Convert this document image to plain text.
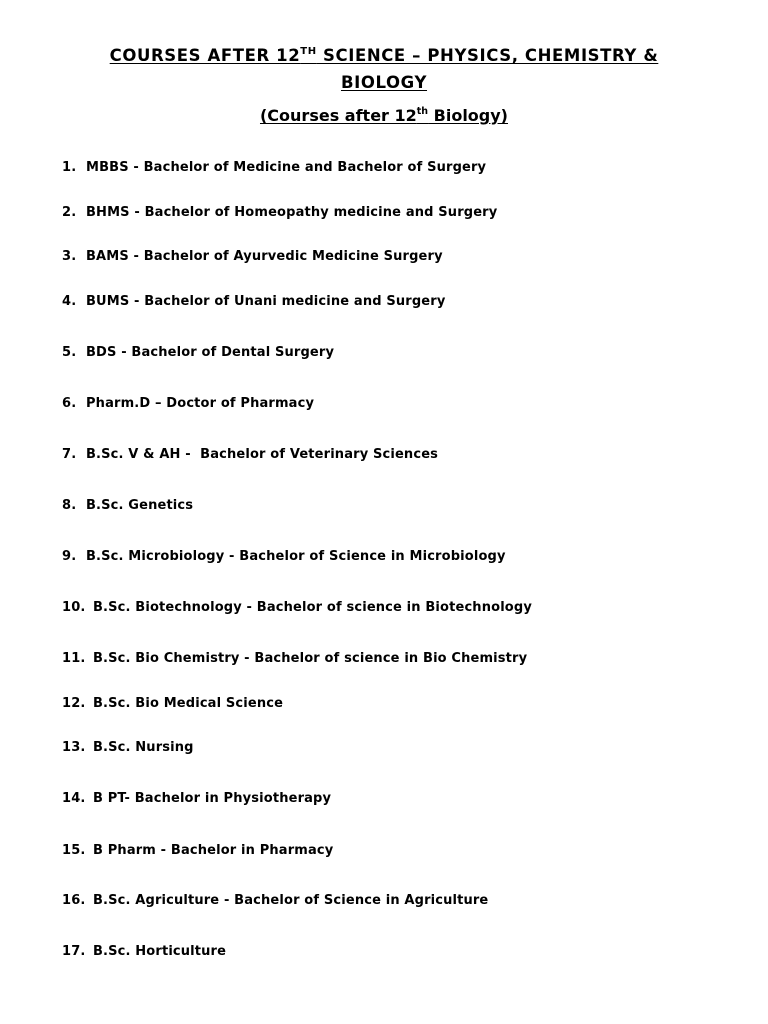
COURSES AFTER 12TH SCIENCE – PHYSICS, CHEMISTRY &
BIOLOGY
(Courses after 12th Biology)
1. MBBS - Bachelor of Medicine and Bachelor of Surgery
2. BHMS - Bachelor of Homeopathy medicine and Surgery
3. BAMS - Bachelor of Ayurvedic Medicine Surgery
4. BUMS - Bachelor of Unani medicine and Surgery
5. BDS - Bachelor of Dental Surgery
6. Pharm.D – Doctor of Pharmacy
7. B.Sc. V & AH -  Bachelor of Veterinary Sciences
8. B.Sc. Genetics
9. B.Sc. Microbiology - Bachelor of Science in Microbiology
10. B.Sc. Biotechnology - Bachelor of science in Biotechnology
11. B.Sc. Bio Chemistry - Bachelor of science in Bio Chemistry
12. B.Sc. Bio Medical Science
13. B.Sc. Nursing
14. B PT- Bachelor in Physiotherapy
15. B Pharm - Bachelor in Pharmacy
16. B.Sc. Agriculture - Bachelor of Science in Agriculture
17. B.Sc. Horticulture
